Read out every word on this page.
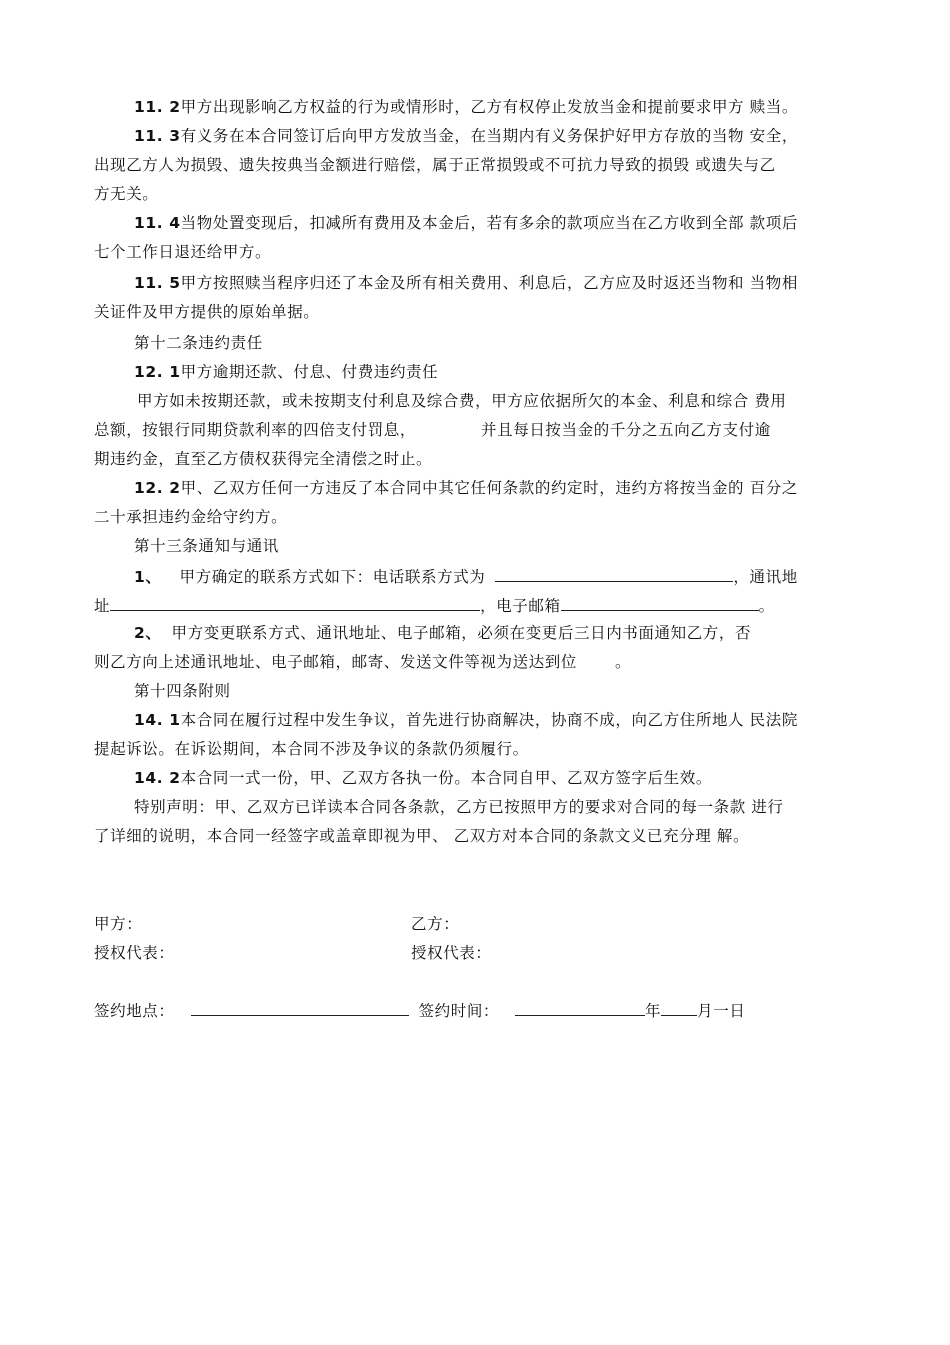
11. 2甲方出现影响乙方权益的行为或情形时，乙方有权停止发放当金和提前要求甲方 赎当。
11. 3有义务在本合同签订后向甲方发放当金，在当期内有义务保护好甲方存放的当物 安全，
出现乙方人为损毁、遗失按典当金额进行赔偿，属于正常损毁或不可抗力导致的损毁 或遗失与乙
方无关。
11. 4当物处置变现后，扣减所有费用及本金后，若有多余的款项应当在乙方收到全部 款项后
七个工作日退还给甲方。
11. 5甲方按照赎当程序归还了本金及所有相关费用、利息后，乙方应及时返还当物和 当物相
关证件及甲方提供的原始单据。
第十二条违约责任
12. 1甲方逾期还款、付息、付费违约责任
甲方如未按期还款，或未按期支付利息及综合费，甲方应依据所欠的本金、利息和综合 费用
总额，按银行同期贷款利率的四倍支付罚息，	并且每日按当金的千分之五向乙方支付逾
期违约金，直至乙方债权获得完全清偿之时止。
12. 2甲、乙双方任何一方违反了本合同中其它任何条款的约定时，违约方将按当金的 百分之
二十承担违约金给守约方。
第十三条通知与通讯
1、 甲方确定的联系方式如下：电话联系方式为	，通讯地
址	，电子邮箱	。
2、 甲方变更联系方式、通讯地址、电子邮箱，必须在变更后三日内书面通知乙方，否
则乙方向上述通讯地址、电子邮箱，邮寄、发送文件等视为送达到位 。
第十四条附则
14. 1本合同在履行过程中发生争议，首先进行协商解决，协商不成，向乙方住所地人 民法院
提起诉讼。在诉讼期间，本合同不涉及争议的条款仍须履行。
14. 2本合同一式一份，甲、乙双方各执一份。本合同自甲、乙双方签字后生效。
特别声明：甲、乙双方已详读本合同各条款，乙方已按照甲方的要求对合同的每一条款 进行
了详细的说明，本合同一经签字或盖章即视为甲、 乙双方对本合同的条款文义已充分理 解。
甲方：	乙方：
授权代表：	授权代表：
签约地点：	签约时间：	年 月一日
